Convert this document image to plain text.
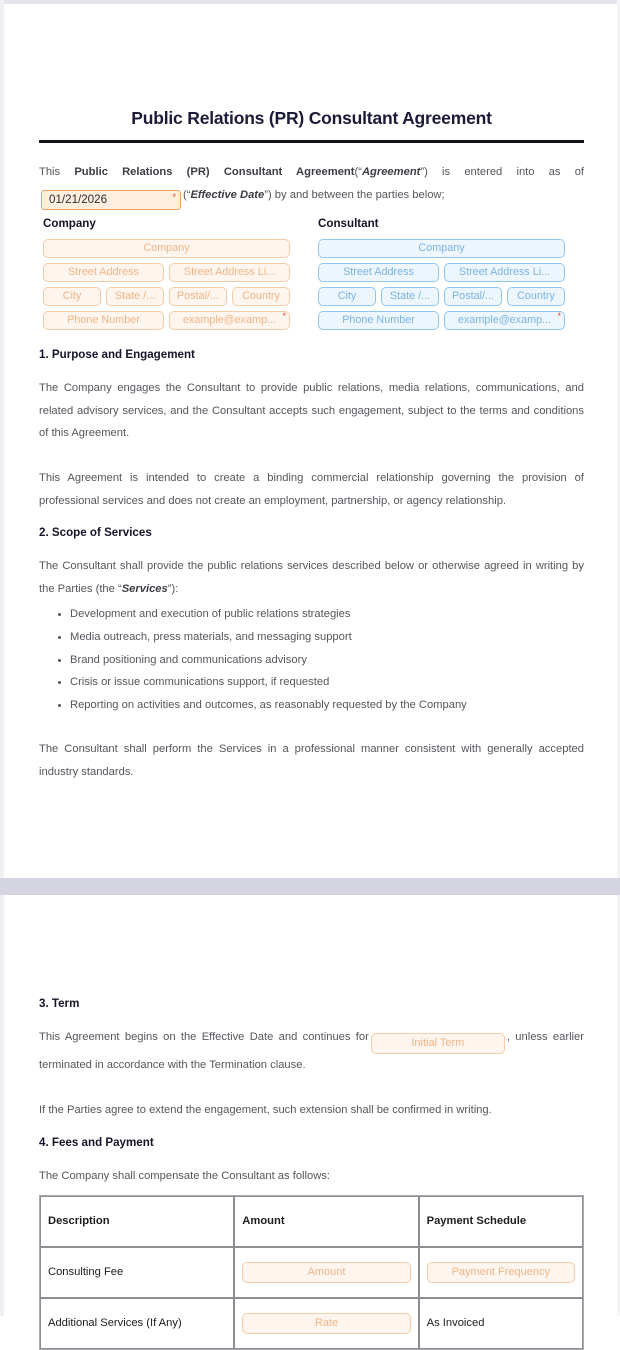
Public Relations (PR) Consultant Agreement

This Public Relations (PR) Consultant Agreement(“Agreement”) is entered into as of01/21/2026	* (“Effective Date”) by and between the parties below;

Company
Company
Street Address	Street Address Li...
City	State /...	Postal/...	Country
Phone Number	example@examp... *
Consultant
Company
Street Address	Street Address Li...
City	State /...	Postal/...	Country
Phone Number	example@examp... *
1. Purpose and Engagement

The Company engages the Consultant to provide public relations, media relations, communications, and related advisory services, and the Consultant accepts such engagement, subject to the terms and conditions of this Agreement.

This Agreement is intended to create a binding commercial relationship governing the provision of professional services and does not create an employment, partnership, or agency relationship.

2. Scope of Services

The Consultant shall provide the public relations services described below or otherwise agreed in writing by the Parties (the “Services”):

• Development and execution of public relations strategies
• Media outreach, press materials, and messaging support
• Brand positioning and communications advisory
• Crisis or issue communications support, if requested
• Reporting on activities and outcomes, as reasonably requested by the Company

The Consultant shall perform the Services in a professional manner consistent with generally accepted industry standards.

3. Term

This Agreement begins on the Effective Date and continues for	Initial Term	, unless earlier terminated in accordance with the Termination clause.

If the Parties agree to extend the engagement, such extension shall be confirmed in writing.

4. Fees and Payment

The Company shall compensate the Consultant as follows:

Description	Amount	Payment Schedule
Consulting Fee	Amount	Payment Frequency

Additional Services (If Any)	Rate	As Invoiced
